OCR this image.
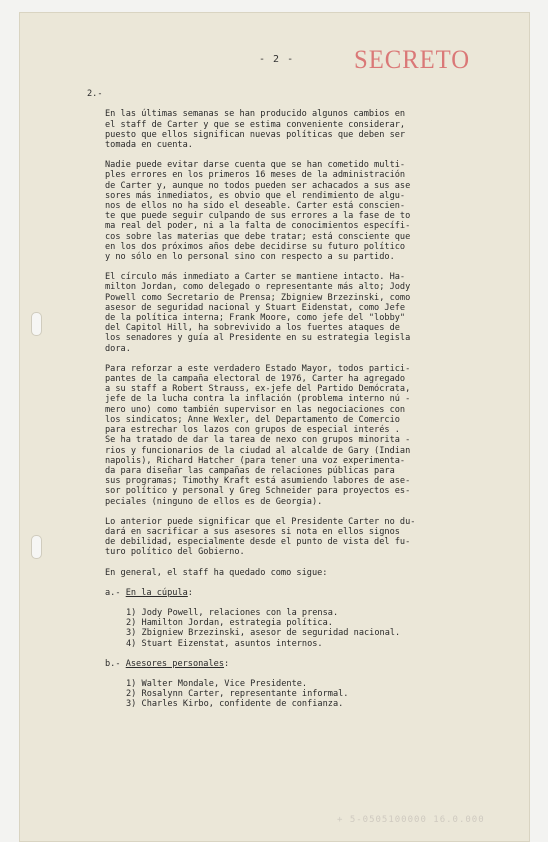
- 2 - SECRETO

2.-

En las últimas semanas se han producido algunos cambios en
el staff de Carter y que se estima conveniente considerar,
puesto que ellos significan nuevas políticas que deben ser
tomada en cuenta.

Nadie puede evitar darse cuenta que se han cometido multi-
ples errores en los primeros 16 meses de la administración
de Carter y, aunque no todos pueden ser achacados a sus ase
sores más inmediatos, es obvio que el rendimiento de algu-
nos de ellos no ha sido el deseable. Carter está conscien-
te que puede seguir culpando de sus errores a la fase de to
ma real del poder, ni a la falta de conocimientos específi-
cos sobre las materias que debe tratar; está consciente que
en los dos próximos años debe decidirse su futuro político
y no sólo en lo personal sino con respecto a su partido.
El círculo más inmediato a Carter se mantiene intacto. Ha-
milton Jordan, como delegado o representante más alto; Jody
Powell como Secretario de Prensa; Zbigniew Brzezinski, como
asesor de seguridad nacional y Stuart Eidenstat, como Jefe
de la política interna; Frank Moore, como jefe del "lobby"
del Capitol Hill, ha sobrevivido a los fuertes ataques de
los senadores y guía al Presidente en su estrategia legisla
dora.
Para reforzar a este verdadero Estado Mayor, todos partici-
pantes de la campaña electoral de 1976, Carter ha agregado
a su staff a Robert Strauss, ex-jefe del Partido Demócrata,
jefe de la lucha contra la inflación (problema interno nú -
mero uno) como también supervisor en las negociaciones con
los sindicatos; Anne Wexler, del Departamento de Comercio
para estrechar los lazos con grupos de especial interés .
Se ha tratado de dar la tarea de nexo con grupos minorita -
rios y funcionarios de la ciudad al alcalde de Gary (Indian
napolis), Richard Hatcher (para tener una voz experimenta-
da para diseñar las campañas de relaciones públicas para
sus programas; Timothy Kraft está asumiendo labores de ase-
sor político y personal y Greg Schneider para proyectos es-
peciales (ninguno de ellos es de Georgia).
Lo anterior puede significar que el Presidente Carter no du-
dará en sacrificar a sus asesores si nota en ellos signos
de debilidad, especialmente desde el punto de vista del fu-
turo político del Gobierno.
En general, el staff ha quedado como sigue:
a.- En la cúpula:
1) Jody Powell, relaciones con la prensa.
2) Hamilton Jordan, estrategia política.
3) Zbigniew Brzezinski, asesor de seguridad nacional.
4) Stuart Eizenstat, asuntos internos.
b.- Asesores personales:
1) Walter Mondale, Vice Presidente.
2) Rosalynn Carter, representante informal.
3) Charles Kirbo, confidente de confianza.
+ 5-0505100000 16.0.000
